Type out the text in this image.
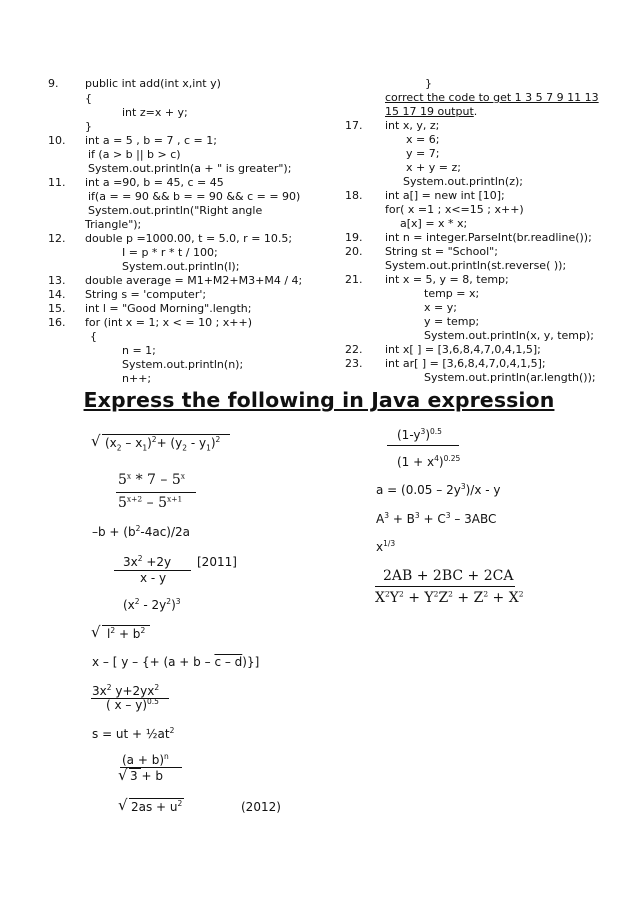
9. public int add(int x,int y)
{
int z=x + y;
}
10. int a = 5 , b = 7 , c = 1;
if (a > b || b > c)
System.out.println(a + " is greater");
11. int a =90, b = 45, c = 45
if(a = = 90 && b = = 90 && c = = 90)
System.out.println("Right angle
Triangle");
12. double p =1000.00, t = 5.0, r = 10.5;
I = p * r * t / 100;
System.out.println(I);
13. double average = M1+M2+M3+M4 / 4;
14. String s = 'computer';
15. int l = "Good Morning".length;
16. for (int x = 1; x < = 10 ; x++)
{
n = 1;
System.out.println(n);
n++;
}
correct the code to get 1 3 5 7 9 11 13
15 17 19 output.
17. int x, y, z;
x = 6;
y = 7;
x + y = z;
System.out.println(z);
18. int a[] = new int [10];
for( x =1 ; x<=15 ; x++)
a[x] = x * x;
19. int n = integer.ParseInt(br.readline());
20. String st = "School";
System.out.println(st.reverse( ));
21. int x = 5, y = 8, temp;
temp = x;
x = y;
y = temp;
System.out.println(x, y, temp);
22. int x[ ] = [3,6,8,4,7,0,4,1,5];
23. int ar[ ] = [3,6,8,4,7,0,4,1,5];
System.out.println(ar.length());
Express the following in Java expression
√ $(x_2 - x_1)^2+ (y_2 - y_1)^2$
5$^x$ * 7 – 5$^x$
$5^{x+2} - 5^{x+1}$
$-b + (b^2-4ac)/2a$
$3x^2 +2y$ [2011]
x - y
$(x^2 - 2y^2)^3$
√ $l^2 + b^2$
x – [ y – {+ (a + b – c – d)}]
$3x^2$ $y+2yx^2$
( x – y)$^{0.5}$
s = ut + $\frac{1}{2}at^2$
$(a + b)^n$
√ 3 + b
√ $2as + u^2$	(2012)
$(1-y^3)^{0.5}$
$(1 + x^4)^{0.25}$
$a = (0.05 - 2y^3)/x - y$
$A^3 + B^3 + C^3 - 3ABC$
$x^{1/3}$
2AB + 2BC + 2CA
$X^2Y^2 + Y^2Z^2 + Z^2 + X^2$
